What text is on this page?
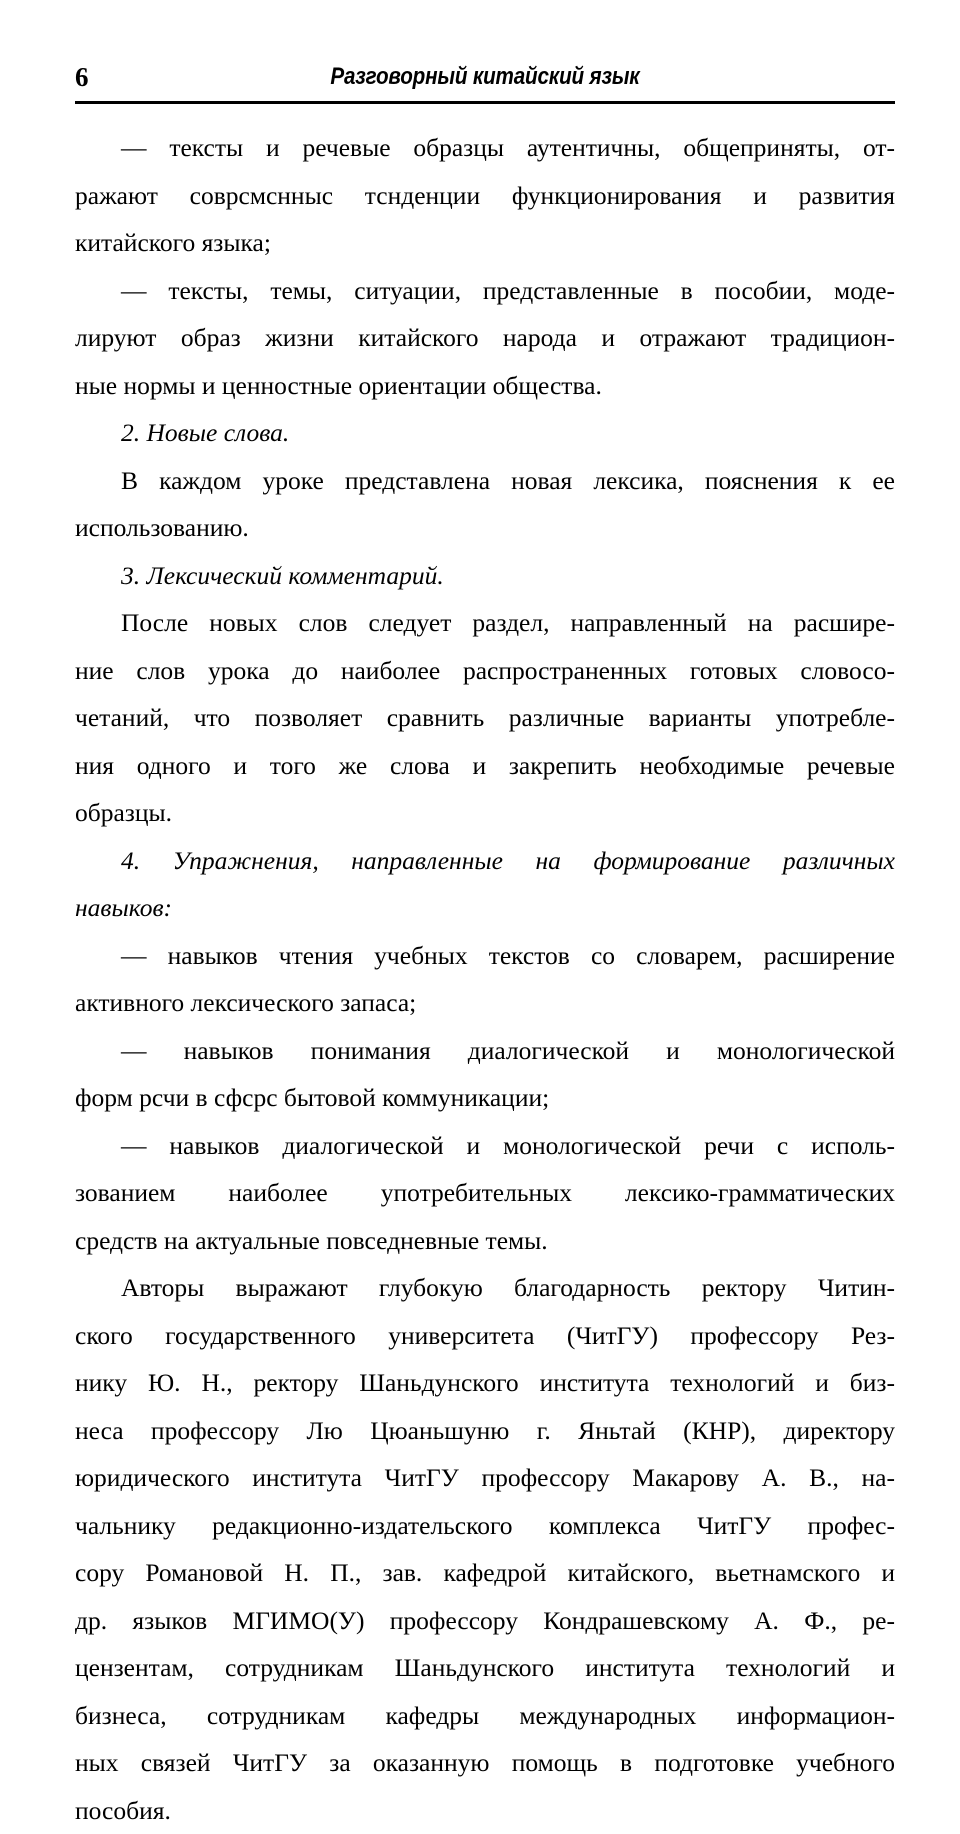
6	Разговорный китайский язык

— тексты и речевые образцы аутентичны, общеприняты, от-
ражают соврсмснныс тснденции функционирования и развития
китайского языка;

— тексты, темы, ситуации, представленные в пособии, моде-
лируют образ жизни китайского народа и отражают традицион-
ные нормы и ценностные ориентации общества.

2. Новые слова.

В каждом уроке представлена новая лексика, пояснения к ее
использованию.

3. Лексический комментарий.

После новых слов следует раздел, направленный на расшире-
ние слов урока до наиболее распространенных готовых словосо-
четаний, что позволяет сравнить различные варианты употребле-
ния одного и того же слова и закрепить необходимые речевые
образцы.

4. Упражнения, направленные на формирование различных
навыков:

— навыков чтения учебных текстов со словарем, расширение
активного лексического запаса;

— навыков понимания диалогической и монологической
форм рсчи в сфсрс бытовой коммуникации;

— навыков диалогической и монологической речи с исполь-
зованием наиболее употребительных лексико-грамматических
средств на актуальные повседневные темы.

Авторы выражают глубокую благодарность ректору Читин-
ского государственного университета (ЧитГУ) профессору Рез-
нику Ю. Н., ректору Шаньдунского института технологий и биз-
неса профессору Лю Цюаньшуню г. Яньтай (КНР), директору
юридического института ЧитГУ профессору Макарову А. В., на-
чальнику редакционно-издательского комплекса ЧитГУ профес-
сору Романовой Н. П., зав. кафедрой китайского, вьетнамского и
др. языков МГИМО(У) профессору Кондрашевскому А. Ф., ре-
цензентам, сотрудникам Шаньдунского института технологий и
бизнеса, сотрудникам кафедры международных информацион-
ных связей ЧитГУ за оказанную помощь в подготовке учебного
пособия.
